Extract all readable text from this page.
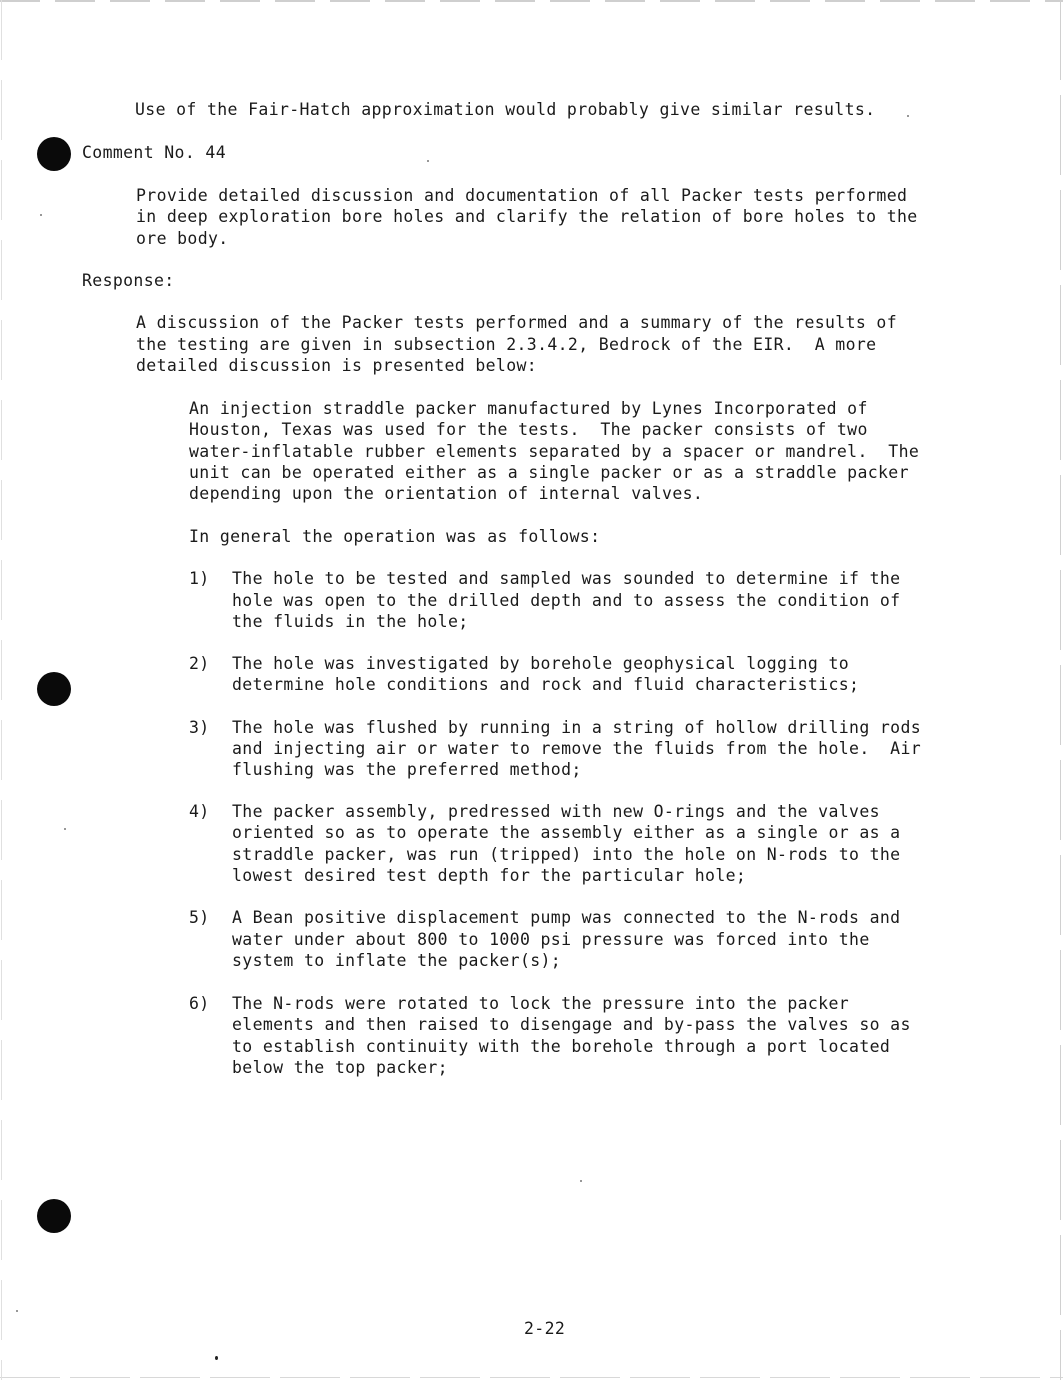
Use of the Fair-Hatch approximation would probably give similar results.
Comment No. 44
Provide detailed discussion and documentation of all Packer tests performed
in deep exploration bore holes and clarify the relation of bore holes to the
ore body.
Response:
A discussion of the Packer tests performed and a summary of the results of
the testing are given in subsection 2.3.4.2, Bedrock of the EIR.  A more
detailed discussion is presented below:
An injection straddle packer manufactured by Lynes Incorporated of
Houston, Texas was used for the tests.  The packer consists of two
water-inflatable rubber elements separated by a spacer or mandrel.  The
unit can be operated either as a single packer or as a straddle packer
depending upon the orientation of internal valves.
In general the operation was as follows:
1) The hole to be tested and sampled was sounded to determine if the
hole was open to the drilled depth and to assess the condition of
the fluids in the hole;
2) The hole was investigated by borehole geophysical logging to
determine hole conditions and rock and fluid characteristics;
3) The hole was flushed by running in a string of hollow drilling rods
and injecting air or water to remove the fluids from the hole.  Air
flushing was the preferred method;
4) The packer assembly, predressed with new O-rings and the valves
oriented so as to operate the assembly either as a single or as a
straddle packer, was run (tripped) into the hole on N-rods to the
lowest desired test depth for the particular hole;
5) A Bean positive displacement pump was connected to the N-rods and
water under about 800 to 1000 psi pressure was forced into the
system to inflate the packer(s);
6) The N-rods were rotated to lock the pressure into the packer
elements and then raised to disengage and by-pass the valves so as
to establish continuity with the borehole through a port located
below the top packer;
2-22
